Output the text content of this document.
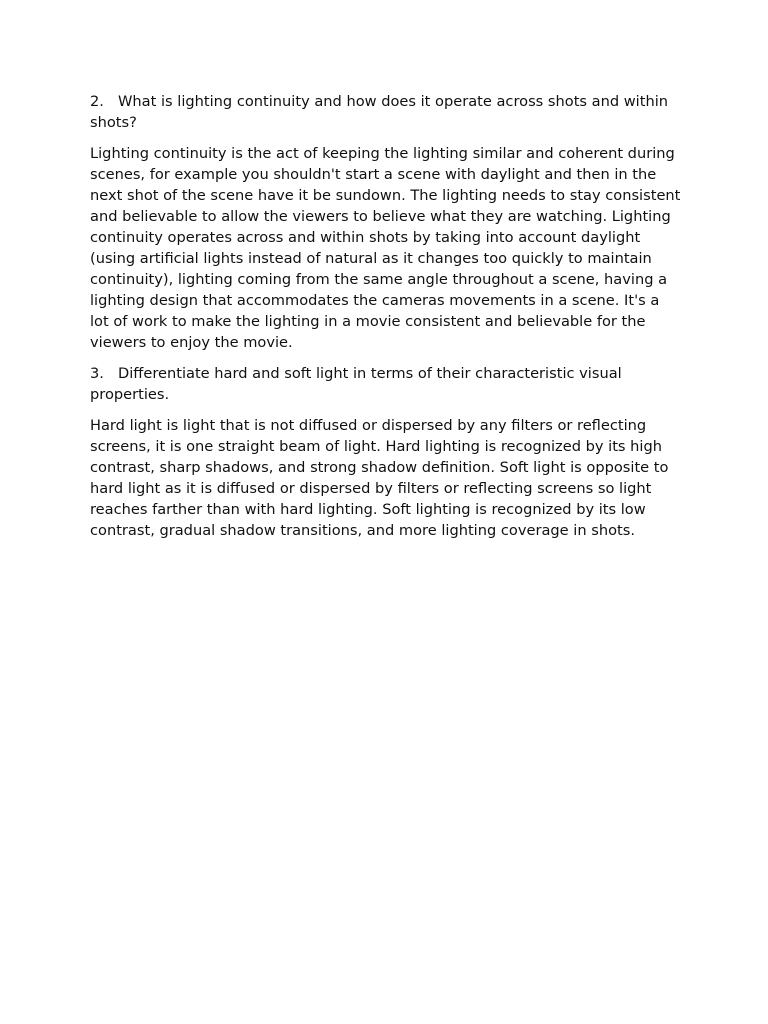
2. What is lighting continuity and how does it operate across shots and within shots?

Lighting continuity is the act of keeping the lighting similar and coherent during scenes, for example you shouldn't start a scene with daylight and then in the next shot of the scene have it be sundown. The lighting needs to stay consistent and believable to allow the viewers to believe what they are watching. Lighting continuity operates across and within shots by taking into account daylight (using artificial lights instead of natural as it changes too quickly to maintain continuity), lighting coming from the same angle throughout a scene, having a lighting design that accommodates the cameras movements in a scene. It's a lot of work to make the lighting in a movie consistent and believable for the viewers to enjoy the movie.

3. Differentiate hard and soft light in terms of their characteristic visual properties.

Hard light is light that is not diffused or dispersed by any filters or reflecting screens, it is one straight beam of light. Hard lighting is recognized by its high contrast, sharp shadows, and strong shadow definition. Soft light is opposite to hard light as it is diffused or dispersed by filters or reflecting screens so light reaches farther than with hard lighting. Soft lighting is recognized by its low contrast, gradual shadow transitions, and more lighting coverage in shots.
